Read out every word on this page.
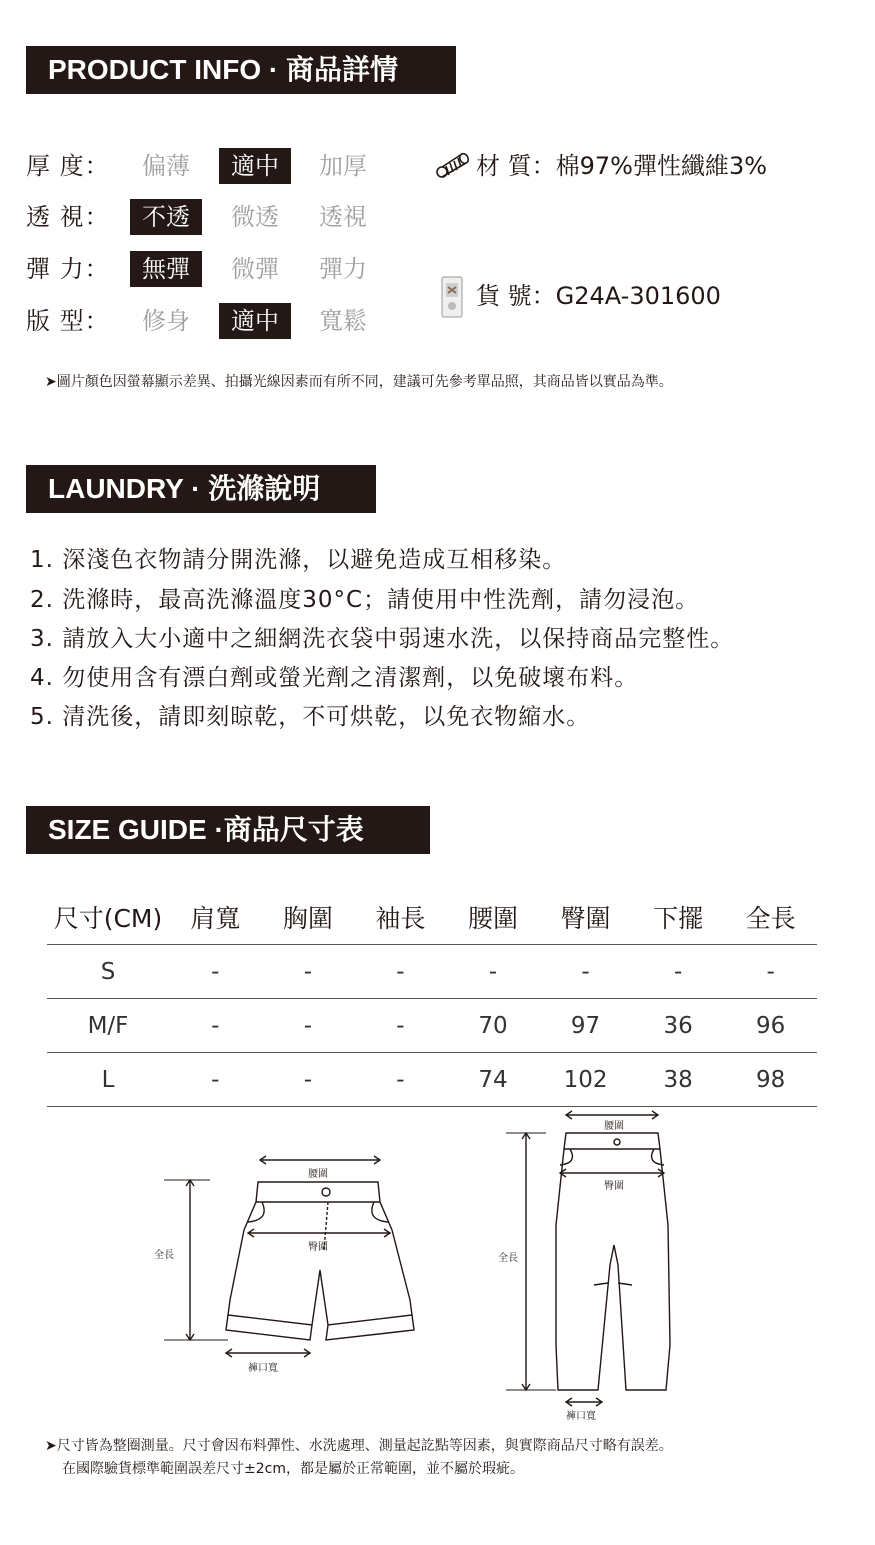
PRODUCT INFO · 商品詳情
厚 度：	偏薄	適中	加厚
透 視：	不透	微透	透視
彈 力：	無彈	微彈	彈力
版 型：	修身	適中	寬鬆
材 質：棉97%彈性纖維3%
貨 號：G24A-301600
➤圖片顏色因螢幕顯示差異、拍攝光線因素而有所不同，建議可先參考單品照，其商品皆以實品為準。
LAUNDRY · 洗滌說明
1. 深淺色衣物請分開洗滌，以避免造成互相移染。
2. 洗滌時，最高洗滌溫度30°C；請使用中性洗劑，請勿浸泡。
3. 請放入大小適中之細網洗衣袋中弱速水洗，以保持商品完整性。
4. 勿使用含有漂白劑或螢光劑之清潔劑，以免破壞布料。
5. 清洗後，請即刻晾乾，不可烘乾，以免衣物縮水。
SIZE GUIDE ·商品尺寸表
尺寸(CM)	肩寬	胸圍	袖長	腰圍	臀圍	下擺	全長
S	-	-	-	-	-	-	-
M/F	-	-	-	70	97	36	96
L	-	-	-	74	102	38	98
腰圍
臀圍
全長
褲口寬
腰圍
臀圍
全長
褲口寬
➤尺寸皆為整圈測量。尺寸會因布料彈性、水洗處理、測量起訖點等因素，與實際商品尺寸略有誤差。
在國際驗貨標準範圍誤差尺寸±2cm，都是屬於正常範圍，並不屬於瑕疵。
